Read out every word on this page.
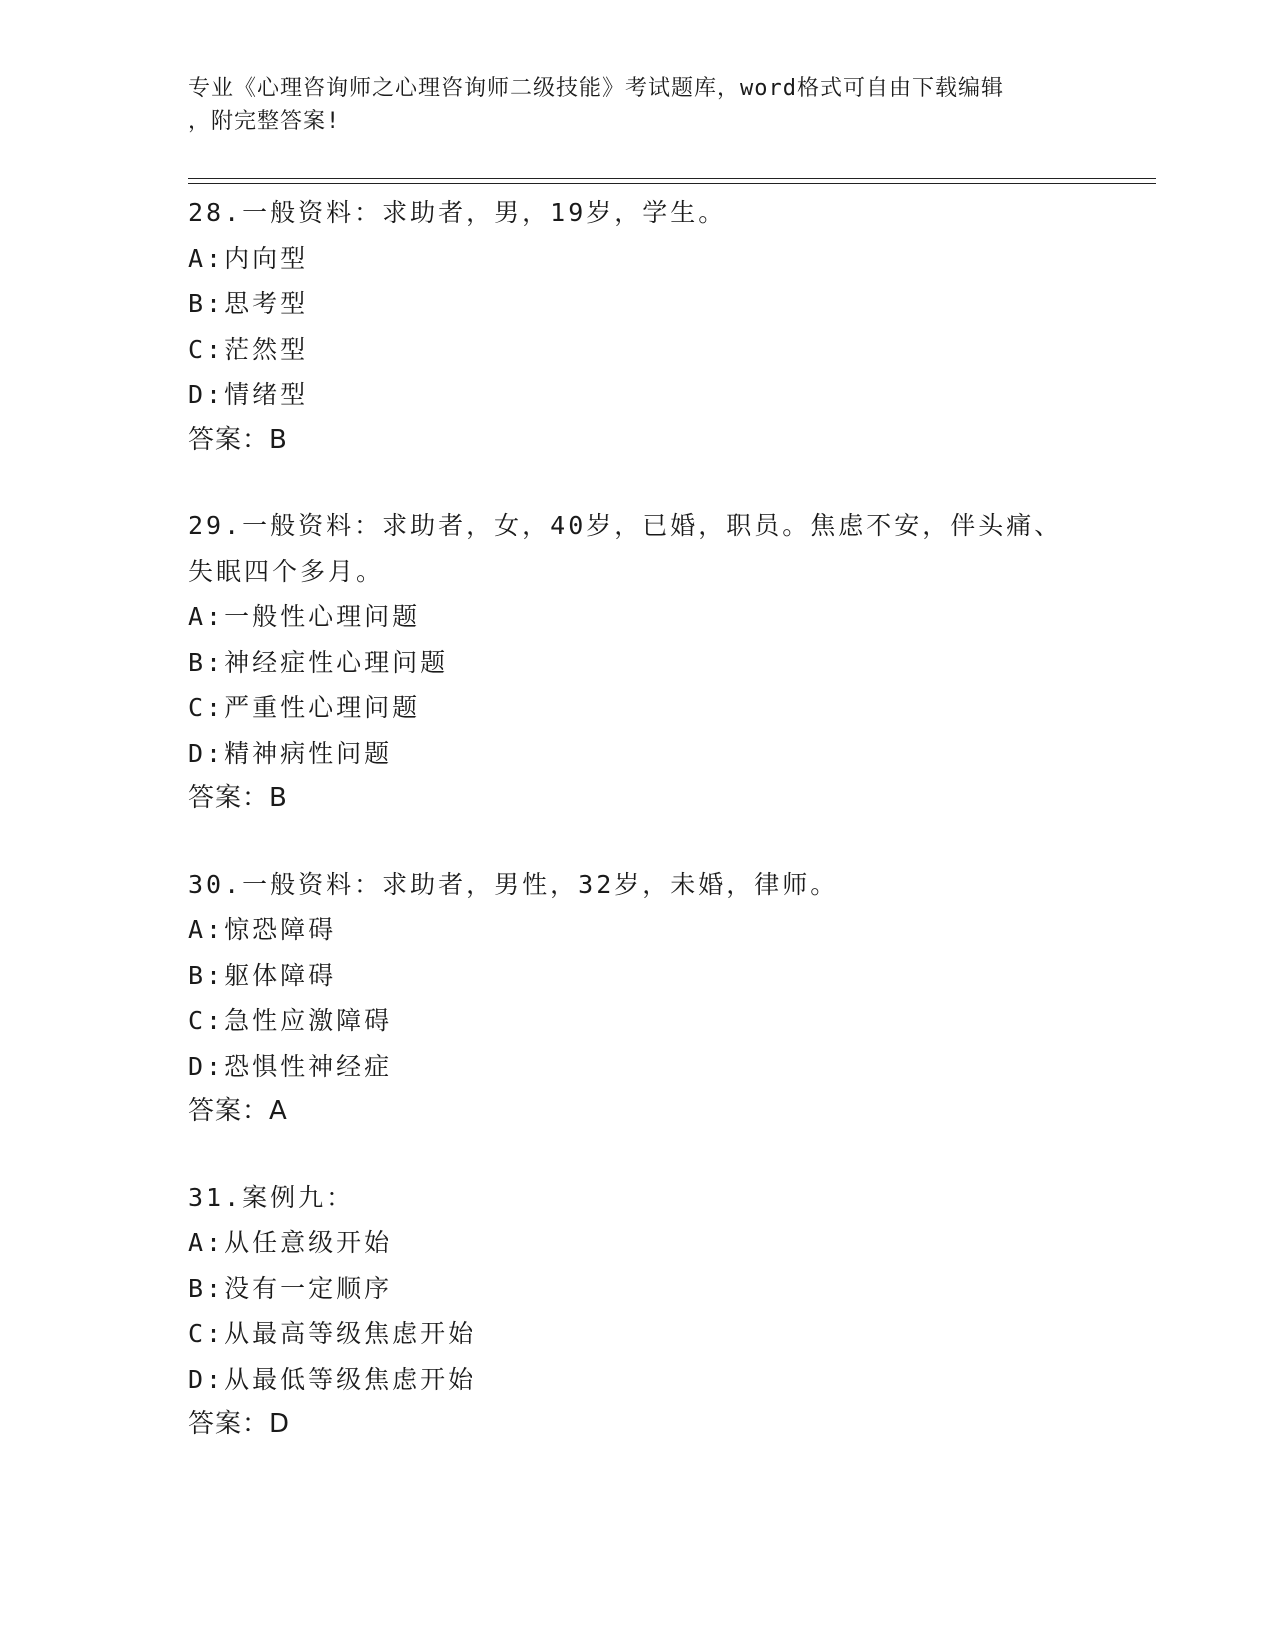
专业《心理咨询师之心理咨询师二级技能》考试题库，word格式可自由下载编辑
，附完整答案!
28.一般资料：求助者，男，19岁，学生。
A:内向型
B:思考型
C:茫然型
D:情绪型
答案：B
29.一般资料：求助者，女，40岁，已婚，职员。焦虑不安，伴头痛、
失眠四个多月。
A:一般性心理问题
B:神经症性心理问题
C:严重性心理问题
D:精神病性问题
答案：B
30.一般资料：求助者，男性，32岁，未婚，律师。
A:惊恐障碍
B:躯体障碍
C:急性应激障碍
D:恐惧性神经症
答案：A
31.案例九：
A:从任意级开始
B:没有一定顺序
C:从最高等级焦虑开始
D:从最低等级焦虑开始
答案：D
